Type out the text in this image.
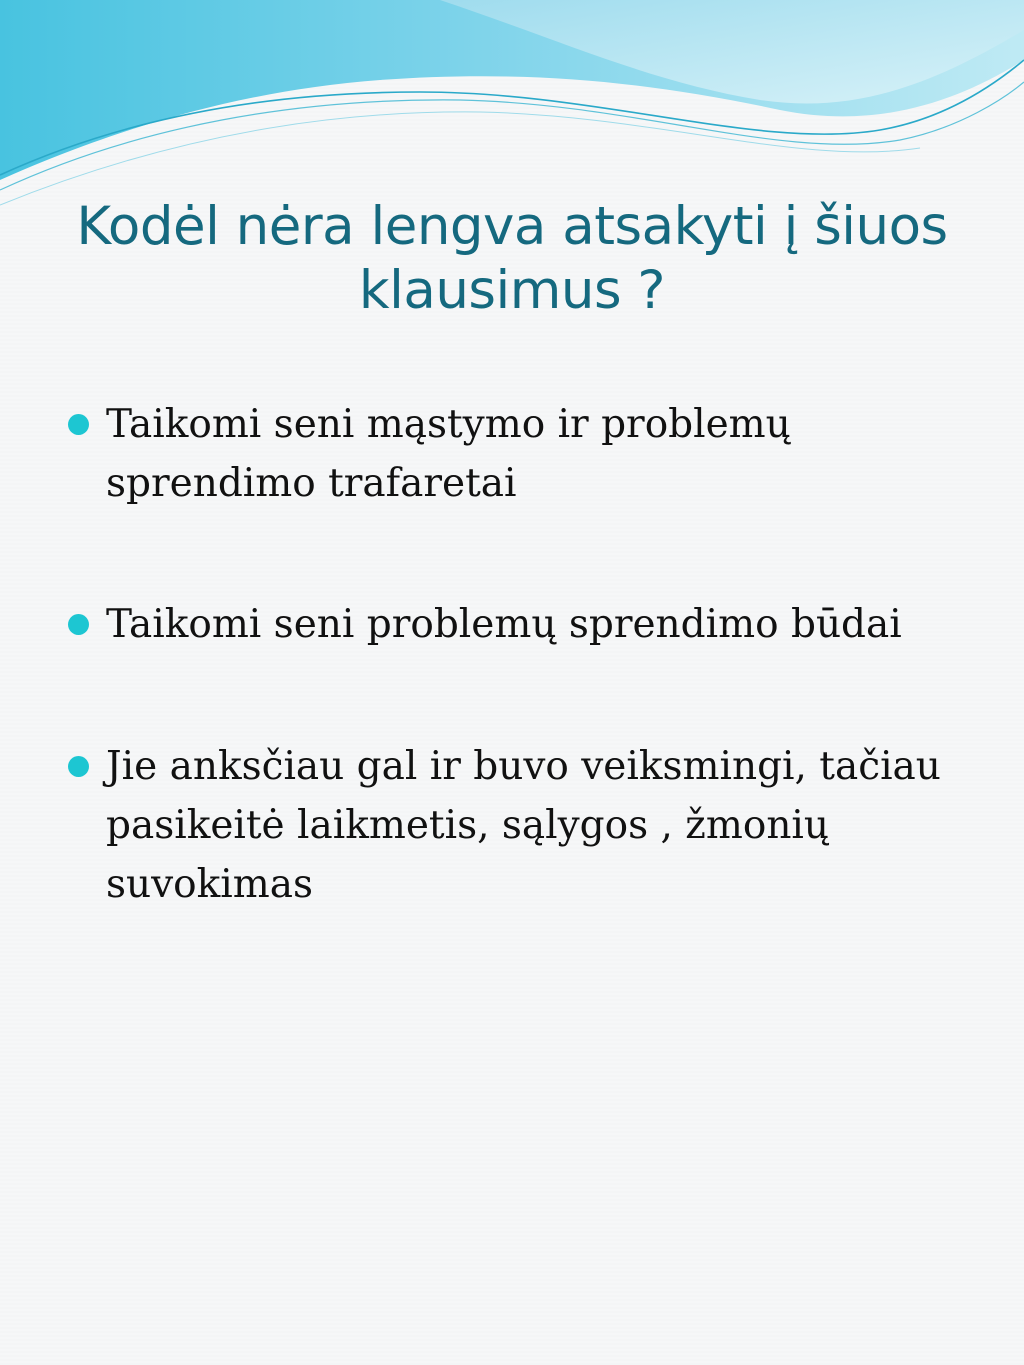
Kodėl nėra lengva atsakyti į šiuos klausimus ?
Taikomi seni mąstymo ir problemų sprendimo trafaretai
Taikomi seni problemų sprendimo būdai
Jie anksčiau gal ir buvo veiksmingi, tačiau pasikeitė laikmetis, sąlygos , žmonių suvokimas
